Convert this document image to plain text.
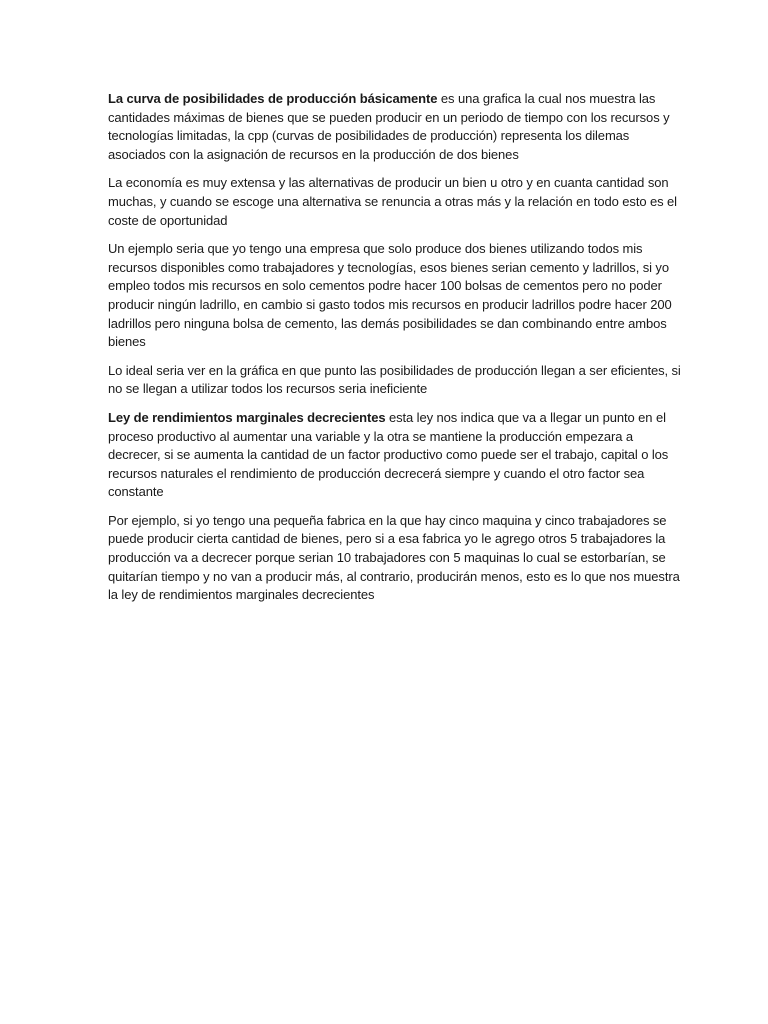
La curva de posibilidades de producción básicamente es una grafica la cual nos muestra las cantidades máximas de bienes que se pueden producir en un periodo de tiempo con los recursos y tecnologías limitadas, la cpp (curvas de posibilidades de producción) representa los dilemas asociados con la asignación de recursos en la producción de dos bienes

La economía es muy extensa y las alternativas de producir un bien u otro y en cuanta cantidad son muchas, y cuando se escoge una alternativa se renuncia a otras más y la relación en todo esto es el coste de oportunidad

Un ejemplo seria que yo tengo una empresa que solo produce dos bienes utilizando todos mis recursos disponibles como trabajadores y tecnologías, esos bienes serian cemento y ladrillos, si yo empleo todos mis recursos en solo cementos podre hacer 100 bolsas de cementos pero no poder producir ningún ladrillo, en cambio si gasto todos mis recursos en producir ladrillos podre hacer 200 ladrillos pero ninguna bolsa de cemento, las demás posibilidades se dan combinando entre ambos bienes

Lo ideal seria ver en la gráfica en que punto las posibilidades de producción llegan a ser eficientes, si no se llegan a utilizar todos los recursos seria ineficiente

Ley de rendimientos marginales decrecientes esta ley nos indica que va a llegar un punto en el proceso productivo al aumentar una variable y la otra se mantiene la producción empezara a decrecer, si se aumenta la cantidad de un factor productivo como puede ser el trabajo, capital o los recursos naturales el rendimiento de producción decrecerá siempre y cuando el otro factor sea constante

Por ejemplo, si yo tengo una pequeña fabrica en la que hay cinco maquina y cinco trabajadores se puede producir cierta cantidad de bienes, pero si a esa fabrica yo le agrego otros 5 trabajadores la producción va a decrecer porque serian 10 trabajadores con 5 maquinas lo cual se estorbarían, se quitarían tiempo y no van a producir más, al contrario, producirán menos, esto es lo que nos muestra la ley de rendimientos marginales decrecientes
